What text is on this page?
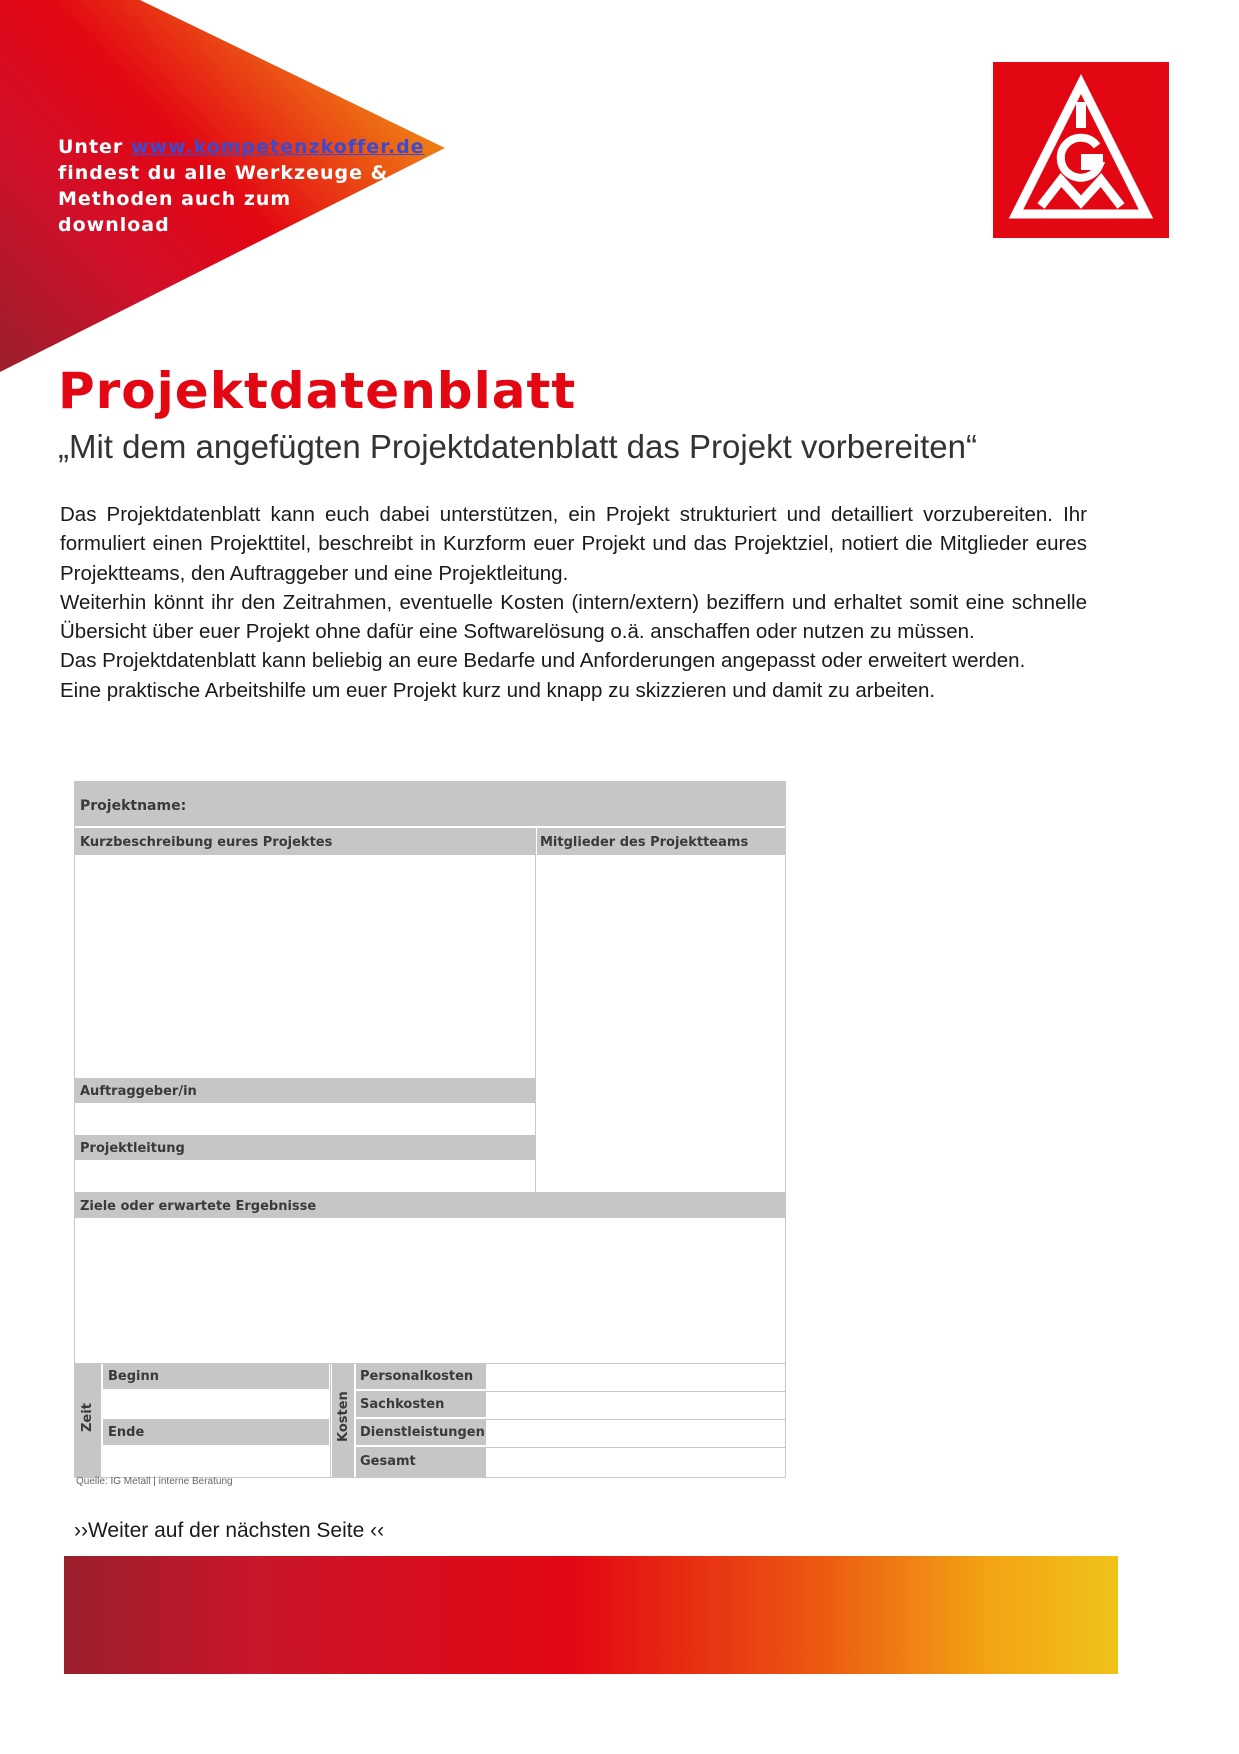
Unter www.kompetenzkoffer.de
findest du alle Werkzeuge &
Methoden auch zum
download
Projektdatenblatt
„Mit dem angefügten Projektdatenblatt das Projekt vorbereiten“

Das Projektdatenblatt kann euch dabei unterstützen, ein Projekt strukturiert und detailliert vorzubereiten. Ihr formuliert einen Projekttitel, beschreibt in Kurzform euer Projekt und das Projektziel, notiert die Mitglieder eures Projektteams, den Auftraggeber und eine Projektleitung.

Weiterhin könnt ihr den Zeitrahmen, eventuelle Kosten (intern/extern) beziffern und erhaltet somit eine schnelle Übersicht über euer Projekt ohne dafür eine Softwarelösung o.ä. anschaffen oder nutzen zu müssen.

Das Projektdatenblatt kann beliebig an eure Bedarfe und Anforderungen angepasst oder erweitert werden.

Eine praktische Arbeitshilfe um euer Projekt kurz und knapp zu skizzieren und damit zu arbeiten.

Projektname:
Kurzbeschreibung eures Projektes	Mitglieder des Projektteams
Auftraggeber/in
Projektleitung
Ziele oder erwartete Ergebnisse
Zeit
Beginn
Ende	Kosten
Personalkosten
Sachkosten
Dienstleistungen
Gesamt
Quelle: IG Metall | interne Beratung
››Weiter auf der nächsten Seite ‹‹
